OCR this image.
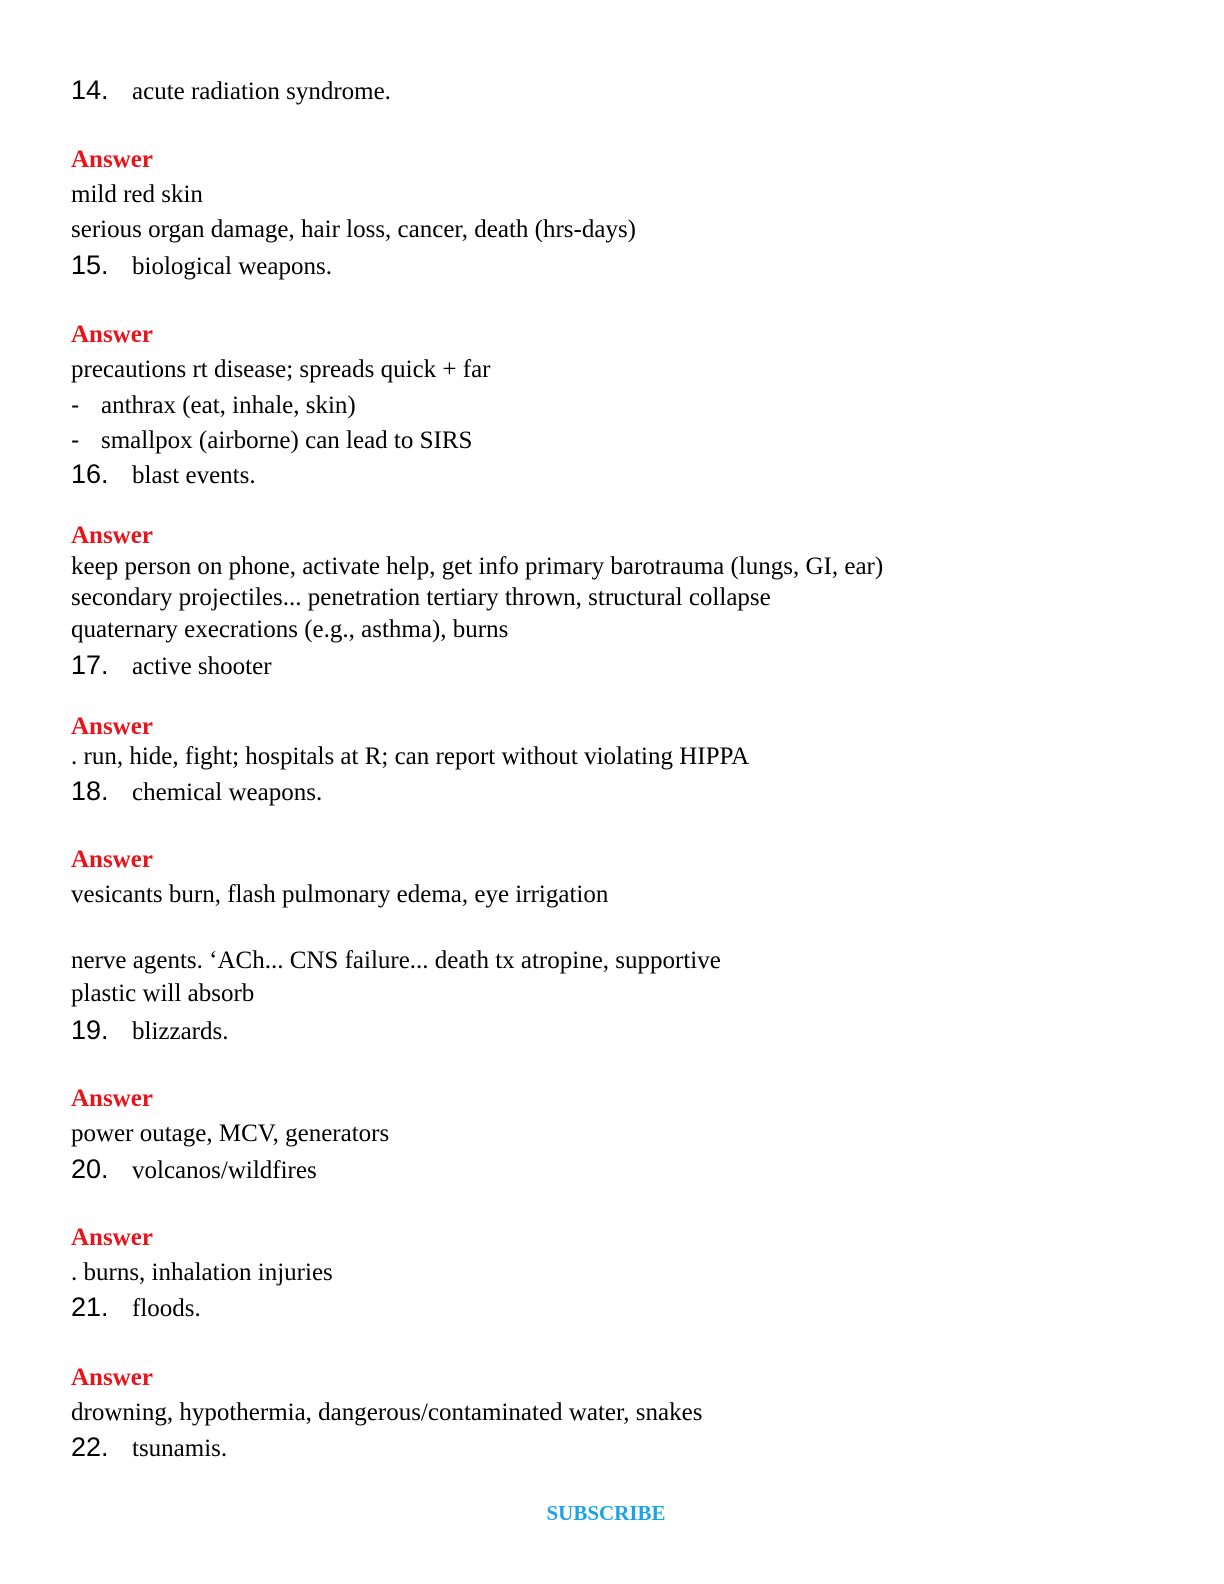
14. acute radiation syndrome.
Answer
mild red skin
serious organ damage, hair loss, cancer, death (hrs-days)
15. biological weapons.
Answer
precautions rt disease; spreads quick + far
- anthrax (eat, inhale, skin)
- smallpox (airborne) can lead to SIRS
16. blast events.
Answer
keep person on phone, activate help, get info primary barotrauma (lungs, GI, ear)
secondary projectiles... penetration tertiary thrown, structural collapse
quaternary execrations (e.g., asthma), burns
17. active shooter
Answer
. run, hide, fight; hospitals at R; can report without violating HIPPA
18. chemical weapons.
Answer
vesicants burn, flash pulmonary edema, eye irrigation
nerve agents. ‘ACh... CNS failure... death tx atropine, supportive
plastic will absorb
19. blizzards.
Answer
power outage, MCV, generators
20. volcanos/wildfires
Answer
. burns, inhalation injuries
21. floods.
Answer
drowning, hypothermia, dangerous/contaminated water, snakes
22. tsunamis.
SUBSCRIBE
